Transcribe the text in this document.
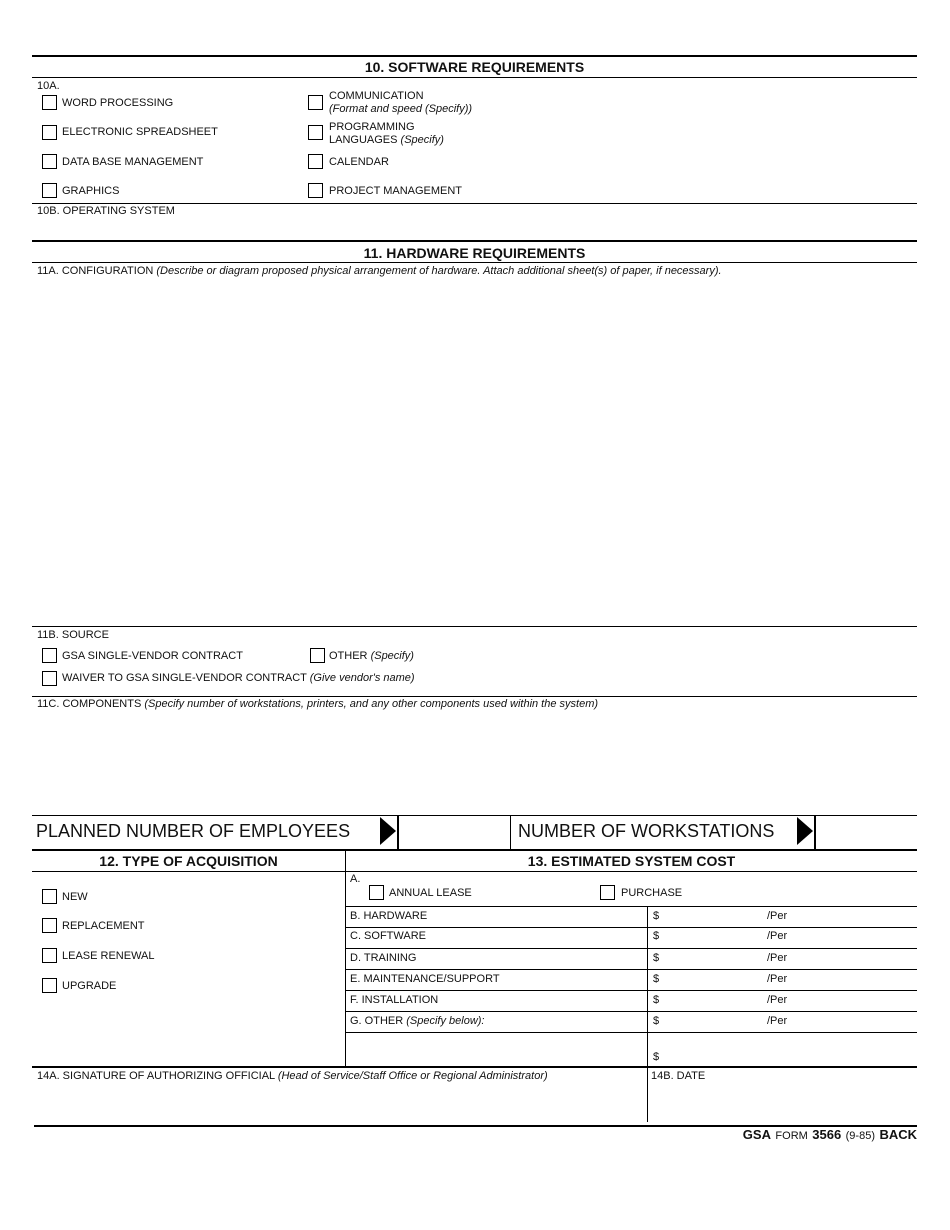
10. SOFTWARE REQUIREMENTS
10A.
WORD PROCESSING
ELECTRONIC SPREADSHEET
DATA BASE MANAGEMENT
GRAPHICS
COMMUNICATION
(Format and speed (Specify))
PROGRAMMING
LANGUAGES (Specify)
CALENDAR
PROJECT MANAGEMENT
10B. OPERATING SYSTEM
11. HARDWARE REQUIREMENTS
11A. CONFIGURATION (Describe or diagram proposed physical arrangement of hardware. Attach additional sheet(s) of paper, if necessary).
11B. SOURCE
GSA SINGLE-VENDOR CONTRACT	OTHER (Specify)
WAIVER TO GSA SINGLE-VENDOR CONTRACT (Give vendor's name)
11C. COMPONENTS (Specify number of workstations, printers, and any other components used within the system)
PLANNED NUMBER OF EMPLOYEES	NUMBER OF WORKSTATIONS
12. TYPE OF ACQUISITION	13. ESTIMATED SYSTEM COST
NEW
REPLACEMENT
LEASE RENEWAL
UPGRADE
A.
ANNUAL LEASE	PURCHASE
B. HARDWARE	$	/Per
C. SOFTWARE	$	/Per
D. TRAINING	$	/Per
E. MAINTENANCE/SUPPORT	$	/Per
F. INSTALLATION	$	/Per
G. OTHER (Specify below):	$	/Per
$
14A. SIGNATURE OF AUTHORIZING OFFICIAL (Head of Service/Staff Office or Regional Administrator)	14B. DATE
GSA FORM 3566 (9-85) BACK
